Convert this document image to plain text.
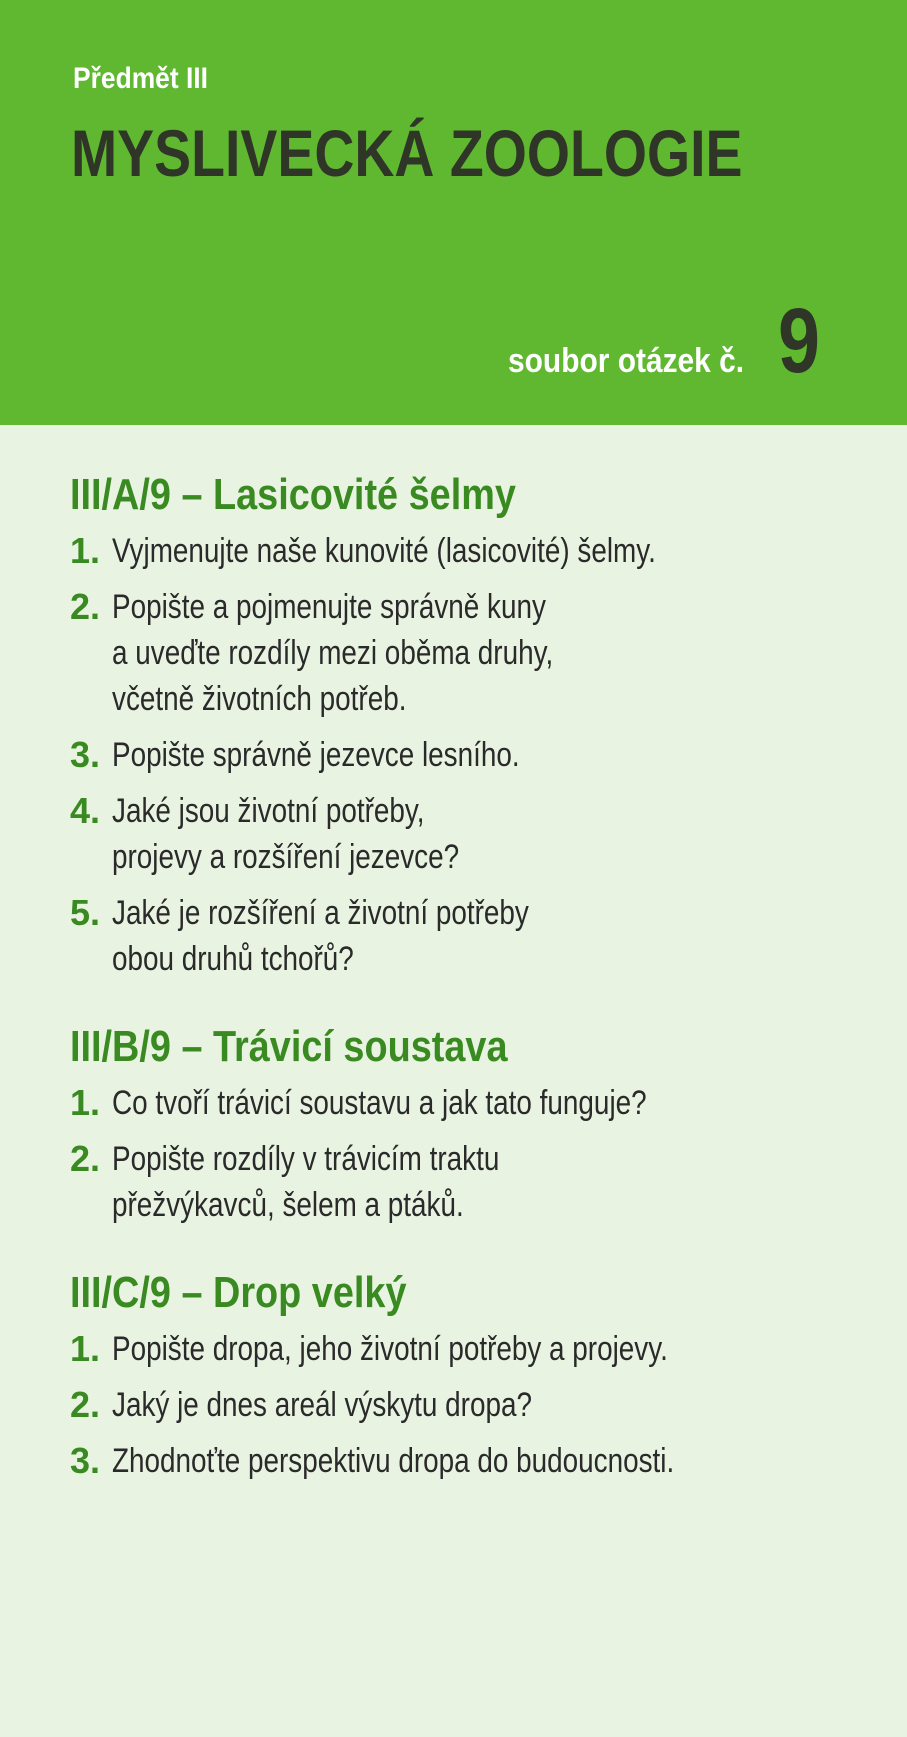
Předmět III
MYSLIVECKÁ ZOOLOGIE
soubor otázek č. 9
III/A/9 – Lasicovité šelmy
1. Vyjmenujte naše kunovité (lasicovité) šelmy.
2. Popište a pojmenujte správně kuny
a uveďte rozdíly mezi oběma druhy,
včetně životních potřeb.
3. Popište správně jezevce lesního.
4. Jaké jsou životní potřeby,
projevy a rozšíření jezevce?
5. Jaké je rozšíření a životní potřeby
obou druhů tchořů?
III/B/9 – Trávicí soustava
1. Co tvoří trávicí soustavu a jak tato funguje?
2. Popište rozdíly v trávicím traktu
přežvýkavců, šelem a ptáků.
III/C/9 – Drop velký
1. Popište dropa, jeho životní potřeby a projevy.
2. Jaký je dnes areál výskytu dropa?
3. Zhodnoťte perspektivu dropa do budoucnosti.
